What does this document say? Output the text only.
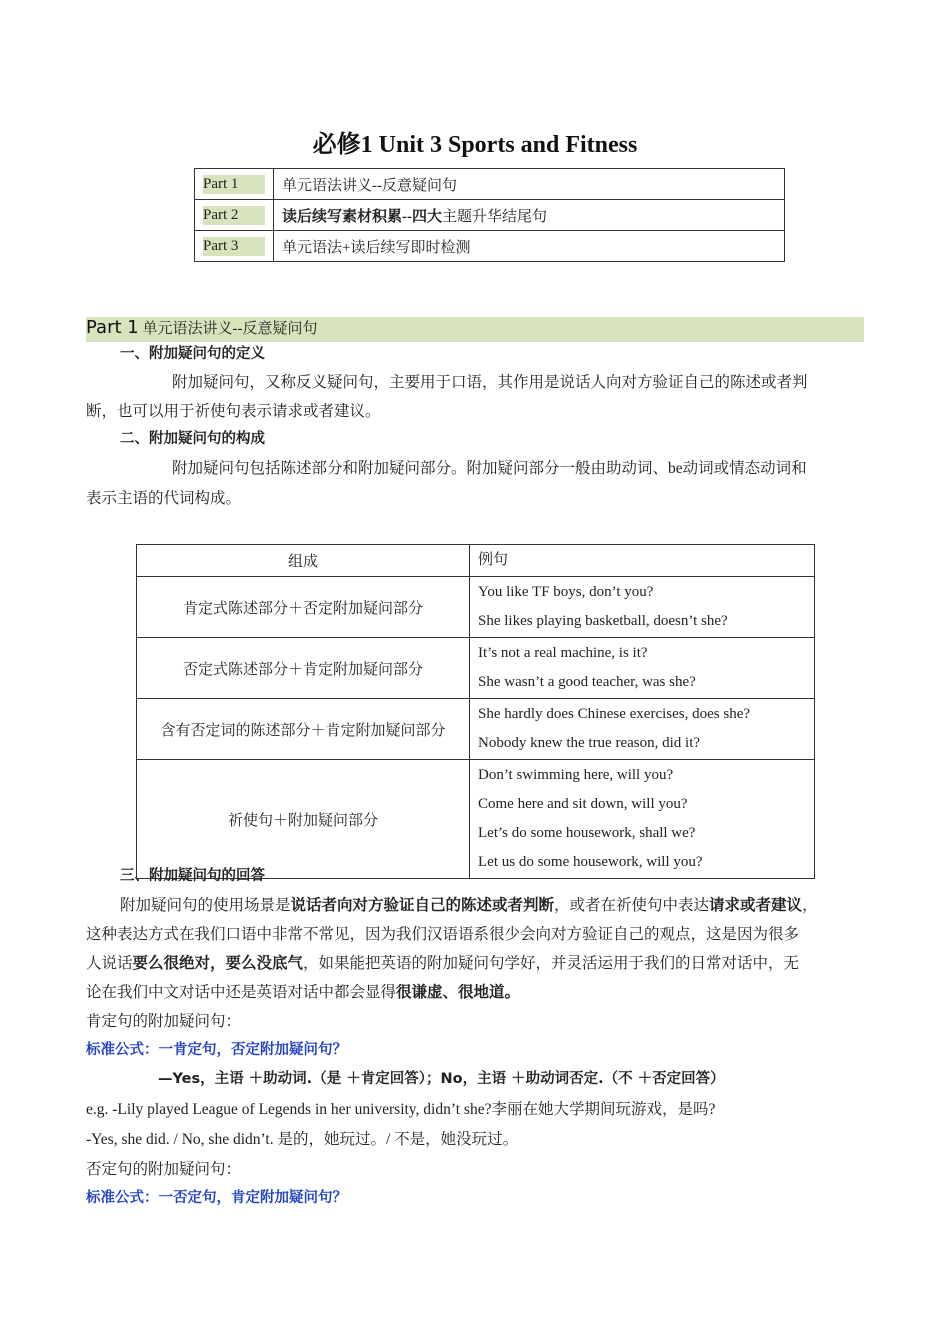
必修1 Unit 3 Sports and Fitness
Part 1	单元语法讲义--反意疑问句
Part 2	读后续写素材积累--四大主题升华结尾句
Part 3	单元语法+读后续写即时检测
Part 1 单元语法讲义--反意疑问句
一、附加疑问句的定义
附加疑问句，又称反义疑问句，主要用于口语，其作用是说话人向对方验证自己的陈述或者判
断，也可以用于祈使句表示请求或者建议。
二、附加疑问句的构成
附加疑问句包括陈述部分和附加疑问部分。附加疑问部分一般由助动词、be动词或情态动词和
表示主语的代词构成。
组成	例句
肯定式陈述部分＋否定附加疑问部分	You like TF boys, don’t you?
She likes playing basketball, doesn’t she?

否定式陈述部分＋肯定附加疑问部分	It’s not a real machine, is it?
She wasn’t a good teacher, was she?

含有否定词的陈述部分＋肯定附加疑问部分	She hardly does Chinese exercises, does she?
Nobody knew the true reason, did it?

祈使句＋附加疑问部分	Don’t swimming here, will you?
Come here and sit down, will you?
Let’s do some housework, shall we?
Let us do some housework, will you?
三、附加疑问句的回答
附加疑问句的使用场景是说话者向对方验证自己的陈述或者判断，或者在祈使句中表达请求或者建议，
这种表达方式在我们口语中非常不常见，因为我们汉语语系很少会向对方验证自己的观点，这是因为很多
人说话要么很绝对，要么没底气，如果能把英语的附加疑问句学好，并灵活运用于我们的日常对话中，无
论在我们中文对话中还是英语对话中都会显得很谦虚、很地道。
肯定句的附加疑问句：
标准公式：一肯定句，否定附加疑问句？
—Yes，主语 ＋助动词.（是 ＋肯定回答）；No，主语 ＋助动词否定.（不 ＋否定回答）
e.g. -Lily played League of Legends in her university, didn’t she?李丽在她大学期间玩游戏，是吗?
-Yes, she did. / No, she didn’t. 是的，她玩过。/ 不是，她没玩过。
否定句的附加疑问句：
标准公式：一否定句，肯定附加疑问句？
